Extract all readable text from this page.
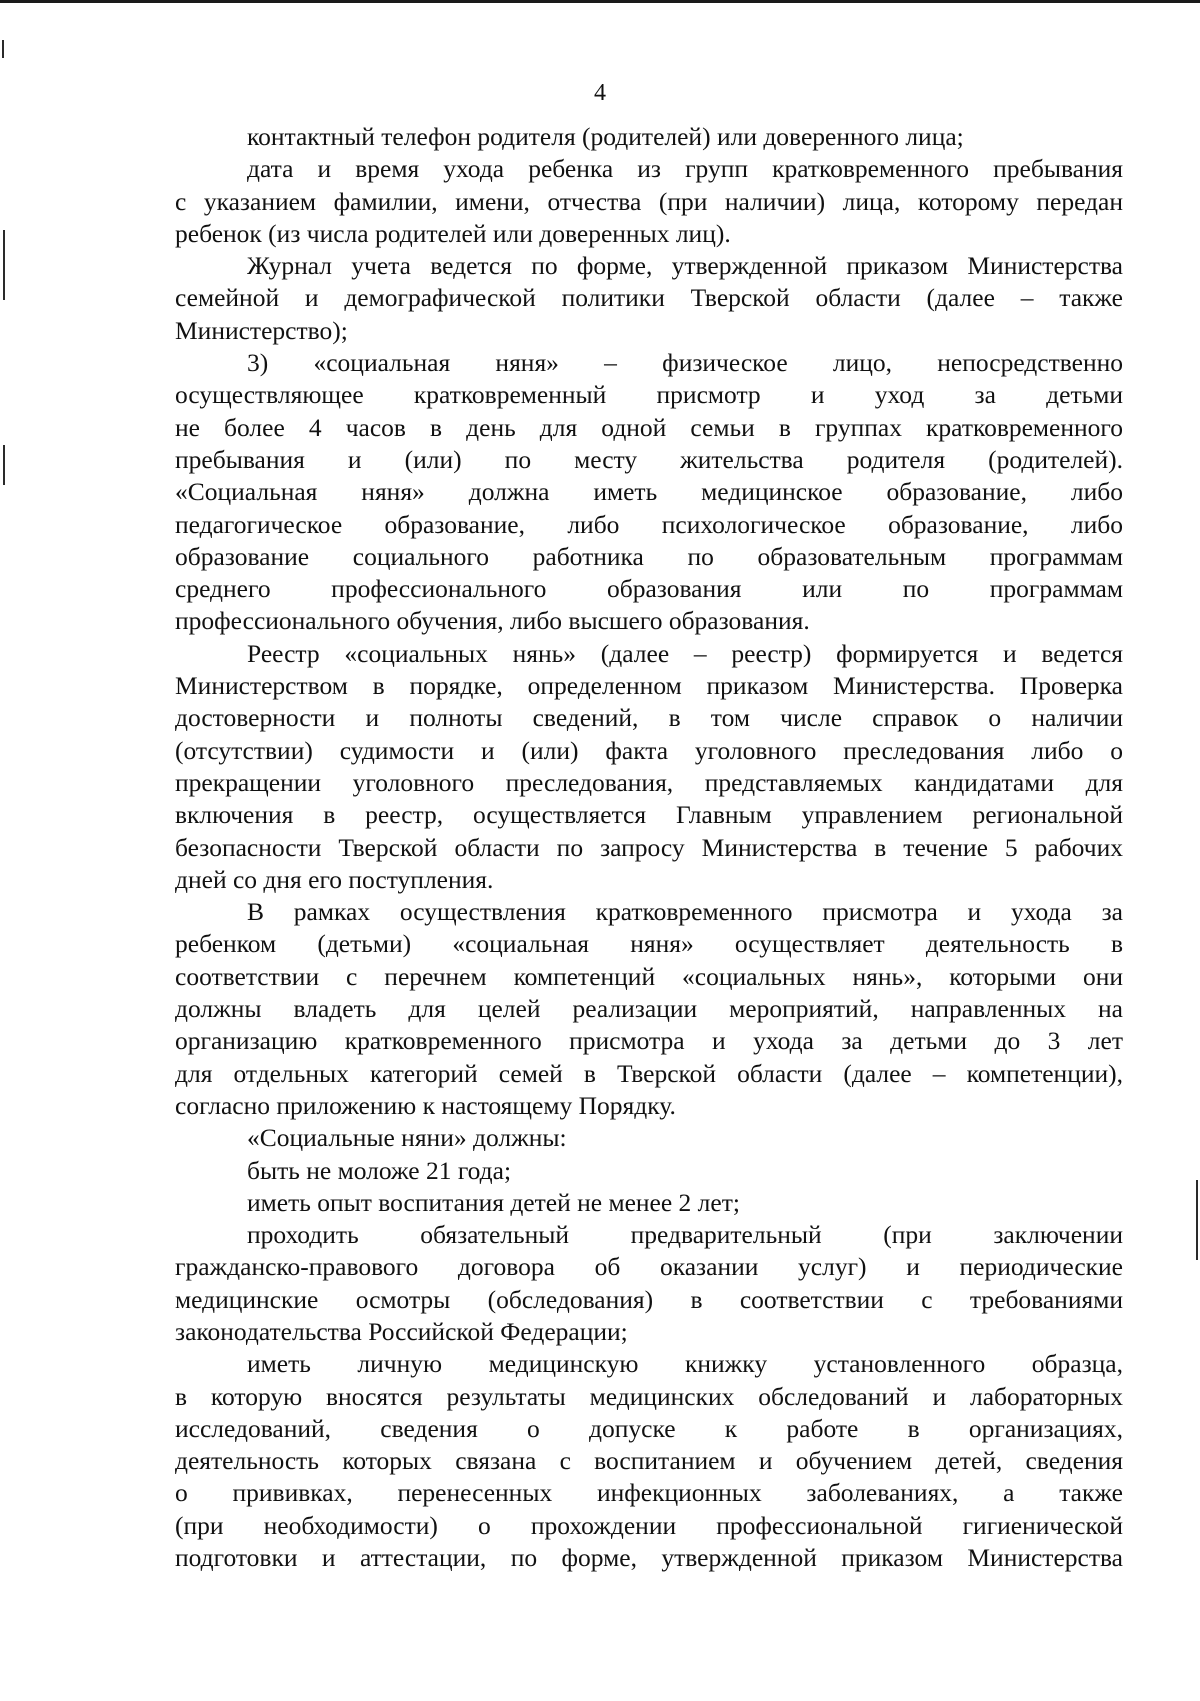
4
контактный телефон родителя (родителей) или доверенного лица;
дата и время ухода ребенка из групп кратковременного пребывания
с указанием фамилии, имени, отчества (при наличии) лица, которому передан
ребенок (из числа родителей или доверенных лиц).
Журнал учета ведется по форме, утвержденной приказом Министерства
семейной и демографической политики Тверской области (далее – также
Министерство);
3) «социальная няня» – физическое лицо, непосредственно
осуществляющее кратковременный присмотр и уход за детьми
не более 4 часов в день для одной семьи в группах кратковременного
пребывания и (или) по месту жительства родителя (родителей).
«Социальная няня» должна иметь медицинское образование, либо
педагогическое образование, либо психологическое образование, либо
образование социального работника по образовательным программам
среднего профессионального образования или по программам
профессионального обучения, либо высшего образования.
Реестр «социальных нянь» (далее – реестр) формируется и ведется
Министерством в порядке, определенном приказом Министерства. Проверка
достоверности и полноты сведений, в том числе справок о наличии
(отсутствии) судимости и (или) факта уголовного преследования либо о
прекращении уголовного преследования, представляемых кандидатами для
включения в реестр, осуществляется Главным управлением региональной
безопасности Тверской области по запросу Министерства в течение 5 рабочих
дней со дня его поступления.
В рамках осуществления кратковременного присмотра и ухода за
ребенком (детьми) «социальная няня» осуществляет деятельность в
соответствии с перечнем компетенций «социальных нянь», которыми они
должны владеть для целей реализации мероприятий, направленных на
организацию кратковременного присмотра и ухода за детьми до 3 лет
для отдельных категорий семей в Тверской области (далее – компетенции),
согласно приложению к настоящему Порядку.
«Социальные няни» должны:
быть не моложе 21 года;
иметь опыт воспитания детей не менее 2 лет;
проходить обязательный предварительный (при заключении
гражданско-правового договора об оказании услуг) и периодические
медицинские осмотры (обследования) в соответствии с требованиями
законодательства Российской Федерации;
иметь личную медицинскую книжку установленного образца,
в которую вносятся результаты медицинских обследований и лабораторных
исследований, сведения о допуске к работе в организациях,
деятельность которых связана с воспитанием и обучением детей, сведения
о прививках, перенесенных инфекционных заболеваниях, а также
(при необходимости) о прохождении профессиональной гигиенической
подготовки и аттестации, по форме, утвержденной приказом Министерства
